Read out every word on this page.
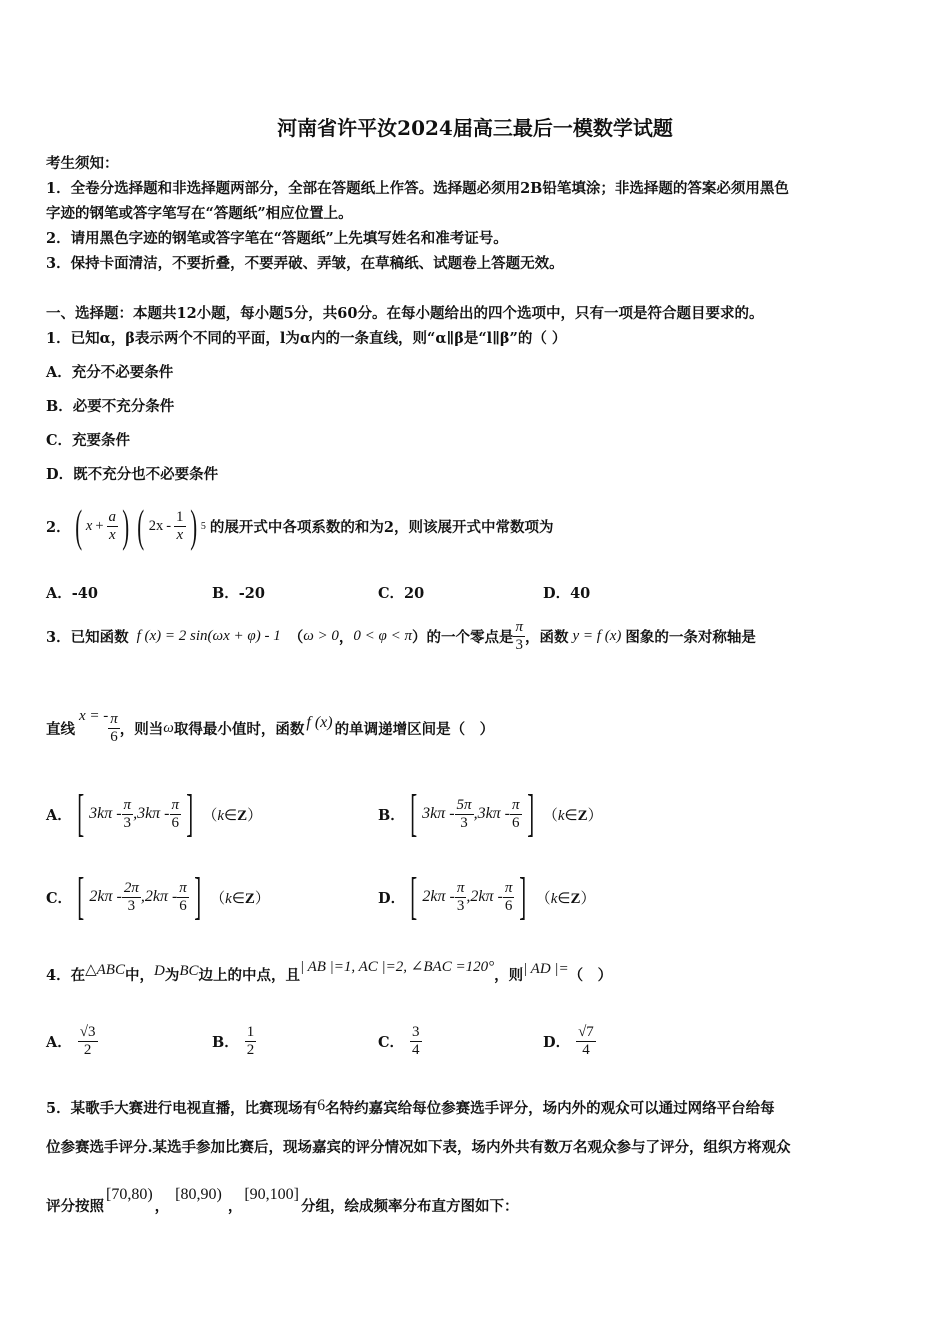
河南省许平汝2024届高三最后一模数学试题
考生须知：
1．全卷分选择题和非选择题两部分，全部在答题纸上作答。选择题必须用2B铅笔填涂；非选择题的答案必须用黑色
字迹的钢笔或答字笔写在“答题纸”相应位置上。
2．请用黑色字迹的钢笔或答字笔在“答题纸”上先填写姓名和准考证号。
3．保持卡面清洁，不要折叠，不要弄破、弄皱，在草稿纸、试题卷上答题无效。
一、选择题：本题共12小题，每小题5分，共60分。在每小题给出的四个选项中，只有一项是符合题目要求的。
1．已知α，β表示两个不同的平面，l为α内的一条直线，则“α∥β是“l∥β”的（ ）
A．充分不必要条件
B．必要不充分条件
C．充要条件
D．既不充分也不必要条件
2． ( $x + \frac{a}{x}$ ) ( $2x - \frac{1}{x}$ ) 5 的展开式中各项系数的和为2，则该展开式中常数项为
A．-40	B．-20	C．20	D．40
3．已知函数 f (x) = 2 sin(ωx + φ) - 1 （ ω > 0 ， 0 < φ < π ） 的一个零点是 $\frac{\pi}{3}$ ，函数 y = f (x) 图象的一条对称轴是
直线
x = - $\frac{\pi}{6}$ ，则当 ω 取得最小值时，函数 f (x) 的单调递增区间是（　）
A． [ $3k\pi - \frac{\pi}{3} ,3k\pi - \frac{\pi}{6}$ ] （k∈Z）	B． [ $3k\pi - \frac{5\pi}{3} ,3k\pi - \frac{\pi}{6}$ ] （k∈Z）
C． [ $2k\pi - \frac{2\pi}{3} ,2k\pi - \frac{\pi}{6}$ ] （k∈Z）	D． [ $2k\pi - \frac{\pi}{3} ,2k\pi - \frac{\pi}{6}$ ] （k∈Z）
4．在 △ABC 中， D 为 BC 边上的中点，且 | AB |=1, AC |=2, ∠BAC =120° ，则 | AD |= （　）
A． $\frac{√3}{2}$	B． $\frac{1}{2}$	C． $\frac{3}{4}$	D． $\frac{√7}{4}$
5．某歌手大赛进行电视直播，比赛现场有 6 名特约嘉宾给每位参赛选手评分，场内外的观众可以通过网络平台给每
位参赛选手评分.某选手参加比赛后，现场嘉宾的评分情况如下表，场内外共有数万名观众参与了评分，组织方将观众
评分按照
[70,80)
，
[80,90)
，
[90,100]
分组，绘成频率分布直方图如下：
